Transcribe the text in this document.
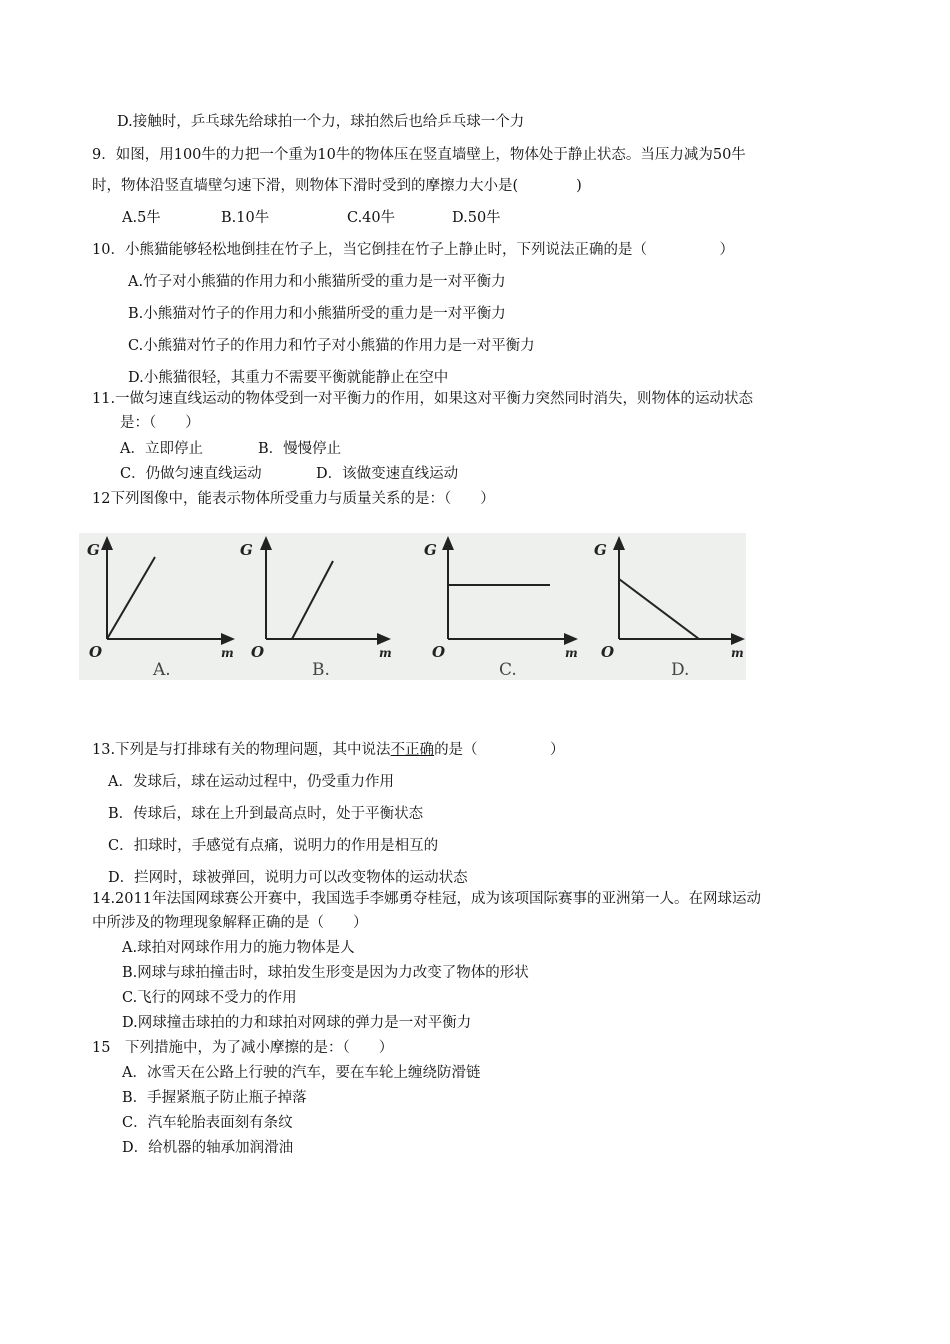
D.接触时，乒乓球先给球拍一个力，球拍然后也给乒乓球一个力
9．如图，用100牛的力把一个重为10牛的物体压在竖直墙壁上，物体处于静止状态。当压力减为50牛
时，物体沿竖直墙壁匀速下滑，则物体下滑时受到的摩擦力大小是(　　　　)
A.5牛	B.10牛	C.40牛	D.50牛
10．小熊猫能够轻松地倒挂在竹子上，当它倒挂在竹子上静止时，下列说法正确的是（　　　　　）
A.竹子对小熊猫的作用力和小熊猫所受的重力是一对平衡力
B.小熊猫对竹子的作用力和小熊猫所受的重力是一对平衡力
C.小熊猫对竹子的作用力和竹子对小熊猫的作用力是一对平衡力
D.小熊猫很轻，其重力不需要平衡就能静止在空中
11.一做匀速直线运动的物体受到一对平衡力的作用，如果这对平衡力突然同时消失，则物体的运动状态
是：（　　）
A．立即停止	B．慢慢停止
C．仍做匀速直线运动	D．该做变速直线运动
12下列图像中，能表示物体所受重力与质量关系的是：（　　）
G
O	m
A.
G
O	m
B.
G
O	m
C.
G
O	m
D.
13.下列是与打排球有关的物理问题，其中说法不正确的是（　　　　　）
A．发球后，球在运动过程中，仍受重力作用
B．传球后，球在上升到最高点时，处于平衡状态
C．扣球时，手感觉有点痛，说明力的作用是相互的
D．拦网时，球被弹回，说明力可以改变物体的运动状态
14.2011年法国网球赛公开赛中，我国选手李娜勇夺桂冠，成为该项国际赛事的亚洲第一人。在网球运动
中所涉及的物理现象解释正确的是（　　）
A.球拍对网球作用力的施力物体是人
B.网球与球拍撞击时，球拍发生形变是因为力改变了物体的形状
C.飞行的网球不受力的作用
D.网球撞击球拍的力和球拍对网球的弹力是一对平衡力
15　下列措施中，为了减小摩擦的是：（　　）
A．冰雪天在公路上行驶的汽车，要在车轮上缠绕防滑链
B．手握紧瓶子防止瓶子掉落
C．汽车轮胎表面刻有条纹
D．给机器的轴承加润滑油
